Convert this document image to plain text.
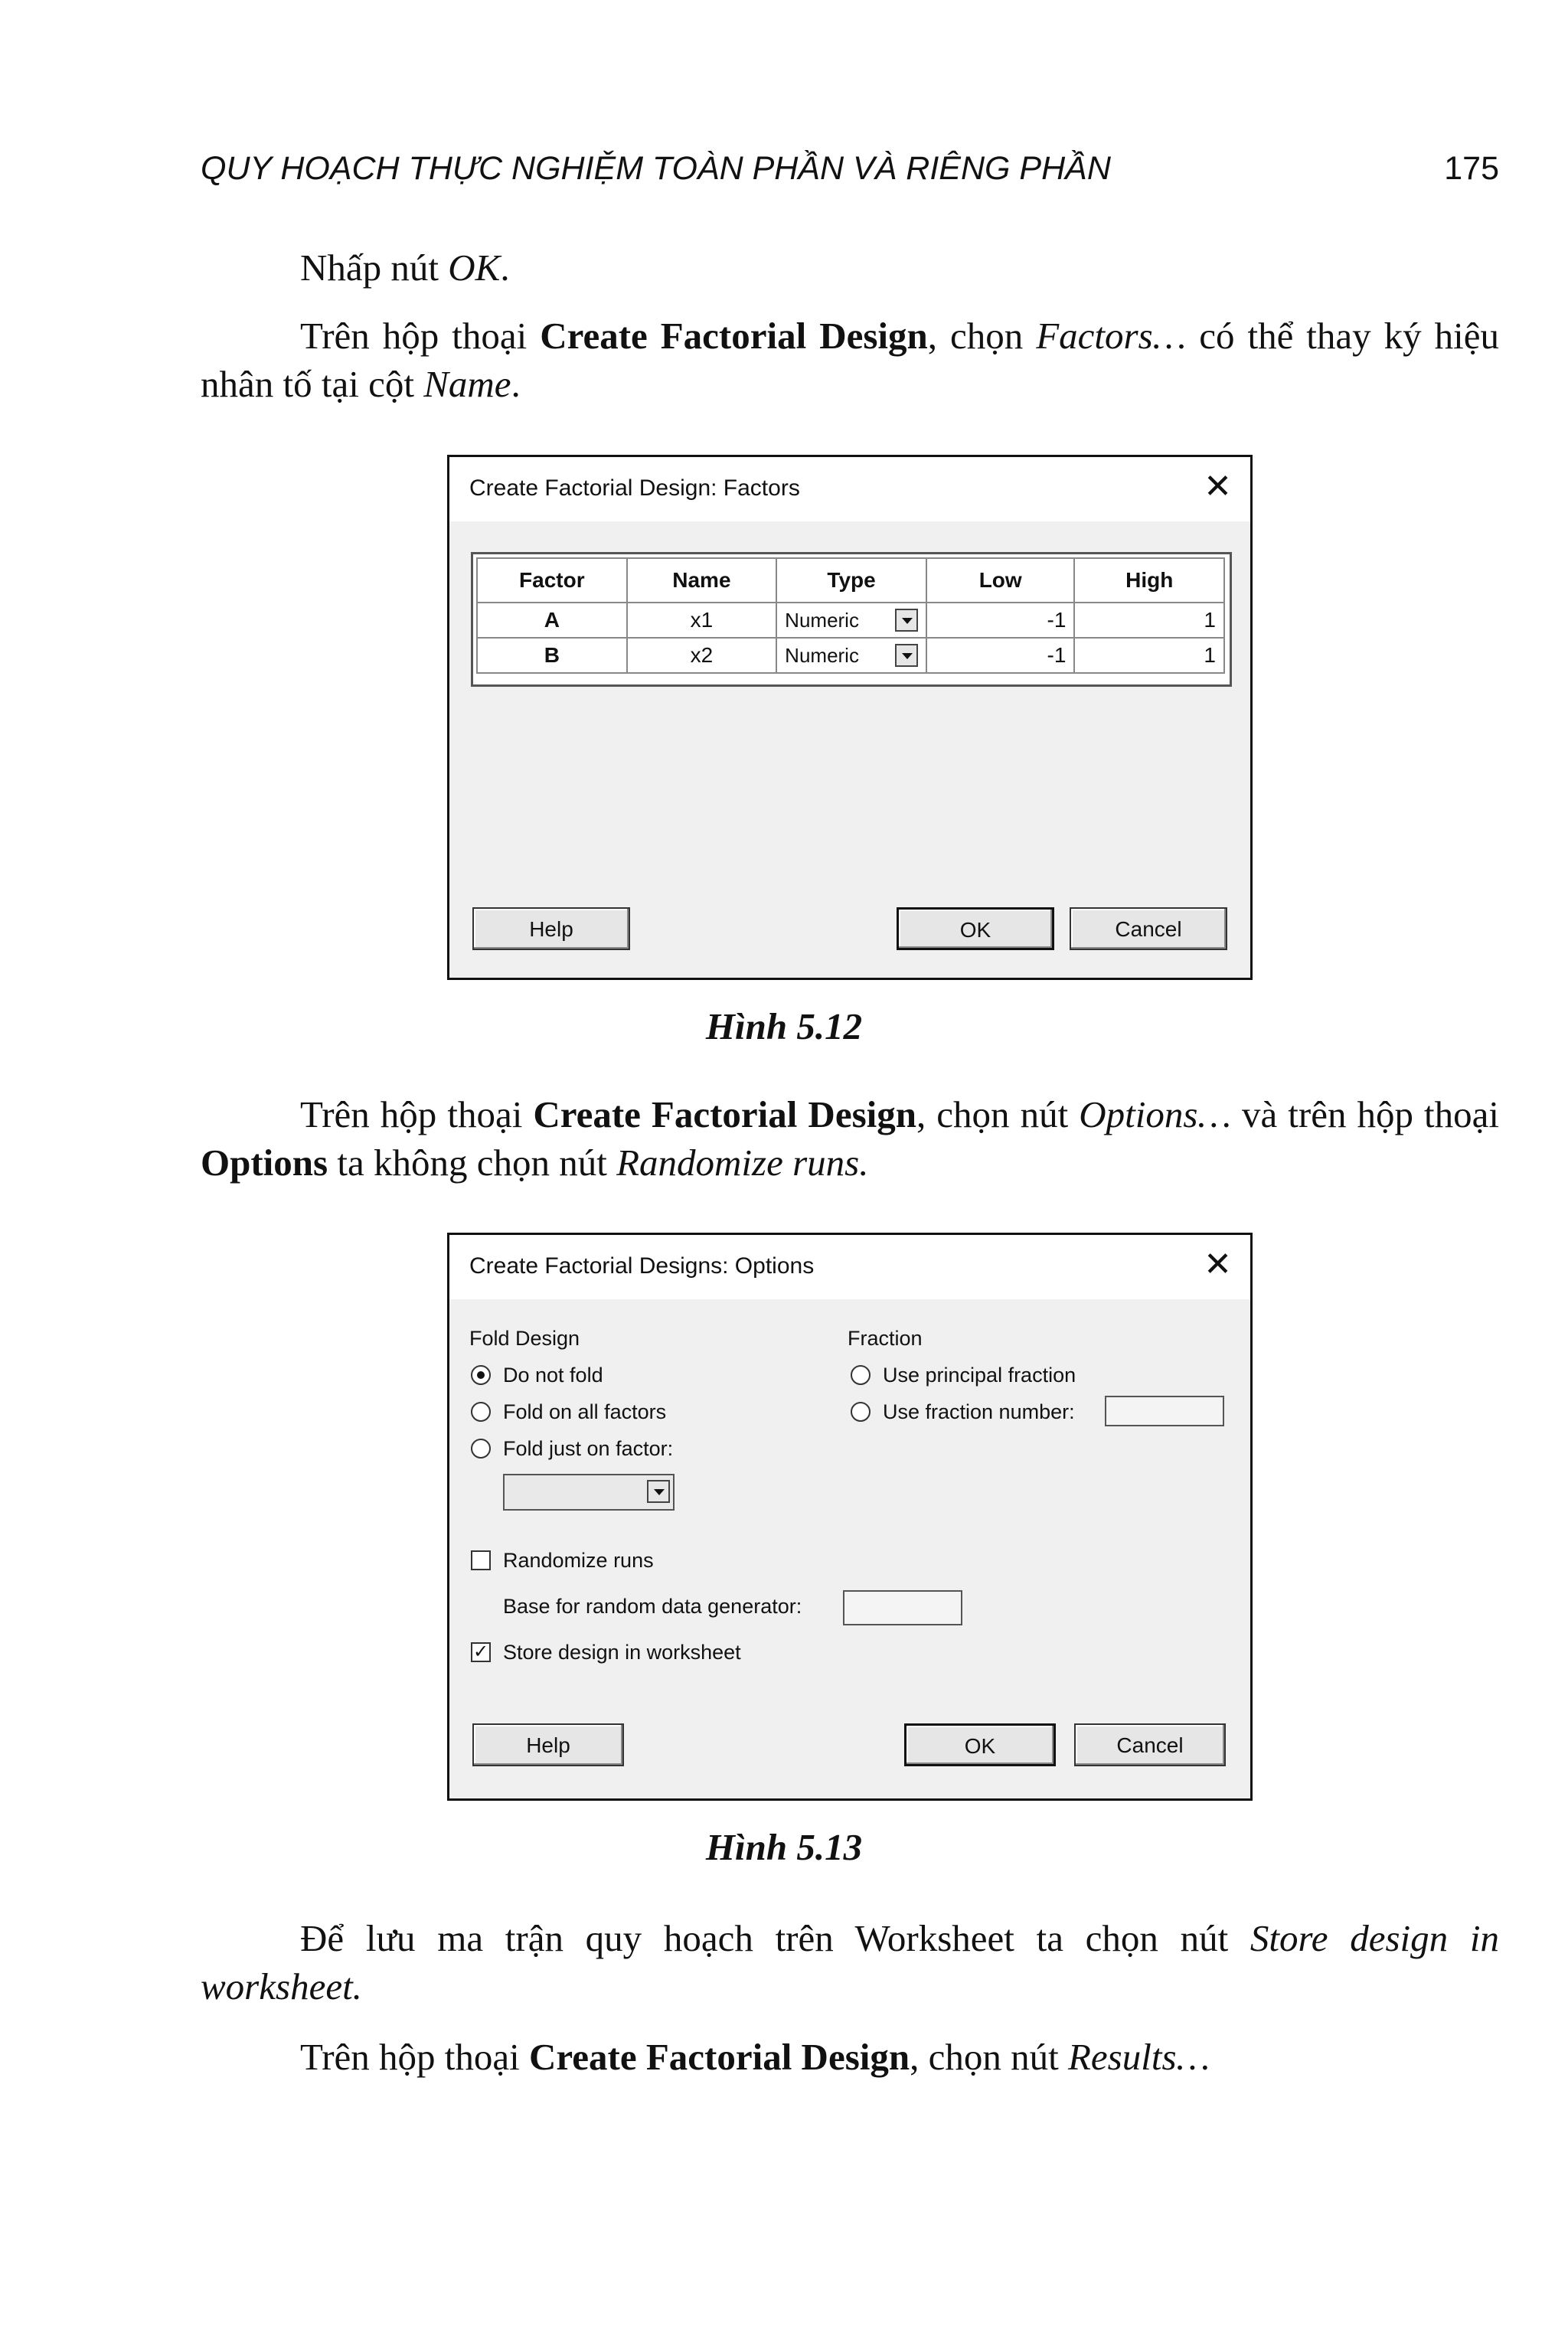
QUY HOẠCH THỰC NGHIỆM TOÀN PHẦN VÀ RIÊNG PHẦN	175

Nhấp nút OK.

Trên hộp thoại Create Factorial Design, chọn Factors… có thể thay ký hiệu nhân tố tại cột Name.

Create Factorial Design: Factors	✕
Factor	Name	Type	Low	High
A	x1	Numeric	-1	1
B	x2	Numeric	-1	1
Help	OK	Cancel
Hình 5.12

Trên hộp thoại Create Factorial Design, chọn nút Options… và trên hộp thoại Options ta không chọn nút Randomize runs.

Create Factorial Designs: Options	✕
Fold Design
Do not fold
Fold on all factors
Fold just on factor:
Fraction
Use principal fraction
Use fraction number:
Randomize runs
Base for random data generator:
✓ Store design in worksheet
Help	OK	Cancel
Hình 5.13

Để lưu ma trận quy hoạch trên Worksheet ta chọn nút Store design in worksheet.

Trên hộp thoại Create Factorial Design, chọn nút Results…
